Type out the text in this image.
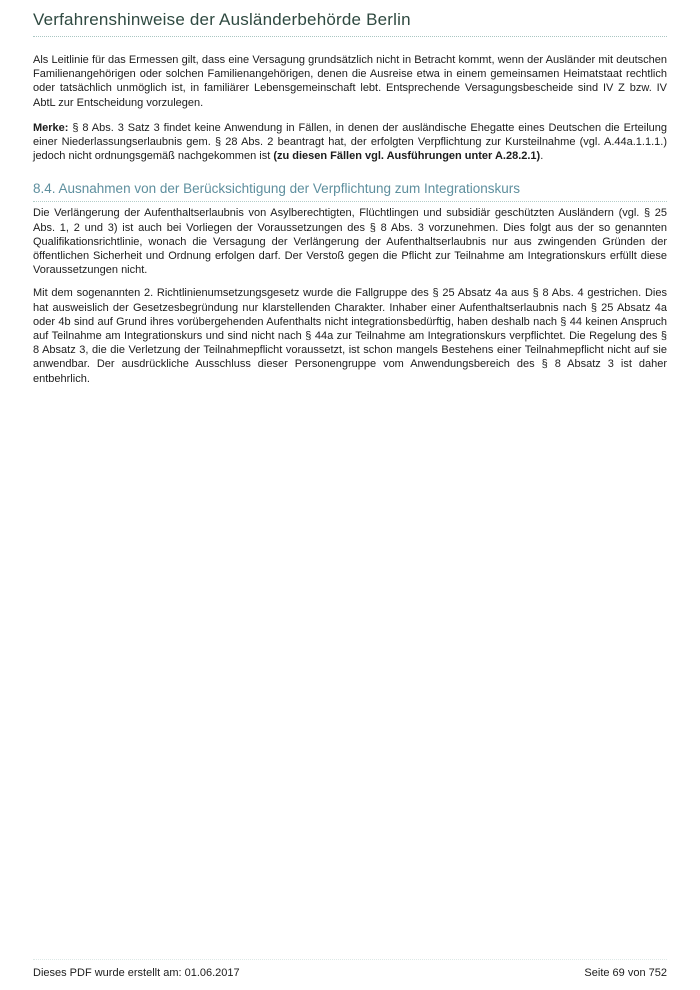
Verfahrenshinweise der Ausländerbehörde Berlin

Als Leitlinie für das Ermessen gilt, dass eine Versagung grundsätzlich nicht in Betracht kommt, wenn der Ausländer mit deutschen Familienangehörigen oder solchen Familienangehörigen, denen die Ausreise etwa in einem gemeinsamen Heimatstaat rechtlich oder tatsächlich unmöglich ist, in familiärer Lebensgemeinschaft lebt. Entsprechende Versagungsbescheide sind IV Z bzw. IV AbtL zur Entscheidung vorzulegen.

Merke: § 8 Abs. 3 Satz 3 findet keine Anwendung in Fällen, in denen der ausländische Ehegatte eines Deutschen die Erteilung einer Niederlassungserlaubnis gem. § 28 Abs. 2 beantragt hat, der erfolgten Verpflichtung zur Kursteilnahme (vgl. A.44a.1.1.1.) jedoch nicht ordnungsgemäß nachgekommen ist (zu diesen Fällen vgl. Ausführungen unter A.28.2.1).

8.4. Ausnahmen von der Berücksichtigung der Verpflichtung zum Integrationskurs

Die Verlängerung der Aufenthaltserlaubnis von Asylberechtigten, Flüchtlingen und subsidiär geschützten Ausländern (vgl. § 25 Abs. 1, 2 und 3) ist auch bei Vorliegen der Voraussetzungen des § 8 Abs. 3 vorzunehmen. Dies folgt aus der so genannten Qualifikationsrichtlinie, wonach die Versagung der Verlängerung der Aufenthaltserlaubnis nur aus zwingenden Gründen der öffentlichen Sicherheit und Ordnung erfolgen darf. Der Verstoß gegen die Pflicht zur Teilnahme am Integrationskurs erfüllt diese Voraussetzungen nicht.

Mit dem sogenannten 2. Richtlinienumsetzungsgesetz wurde die Fallgruppe des § 25 Absatz 4a aus § 8 Abs. 4 gestrichen. Dies hat ausweislich der Gesetzesbegründung nur klarstellenden Charakter. Inhaber einer Aufenthaltserlaubnis nach § 25 Absatz 4a oder 4b sind auf Grund ihres vorübergehenden Aufenthalts nicht integrationsbedürftig, haben deshalb nach § 44 keinen Anspruch auf Teilnahme am Integrationskurs und sind nicht nach § 44a zur Teilnahme am Integrationskurs verpflichtet. Die Regelung des § 8 Absatz 3, die die Verletzung der Teilnahmepflicht voraussetzt, ist schon mangels Bestehens einer Teilnahmepflicht nicht auf sie anwendbar. Der ausdrückliche Ausschluss dieser Personengruppe vom Anwendungsbereich des § 8 Absatz 3 ist daher entbehrlich.

Dieses PDF wurde erstellt am: 01.06.2017	Seite 69 von 752
